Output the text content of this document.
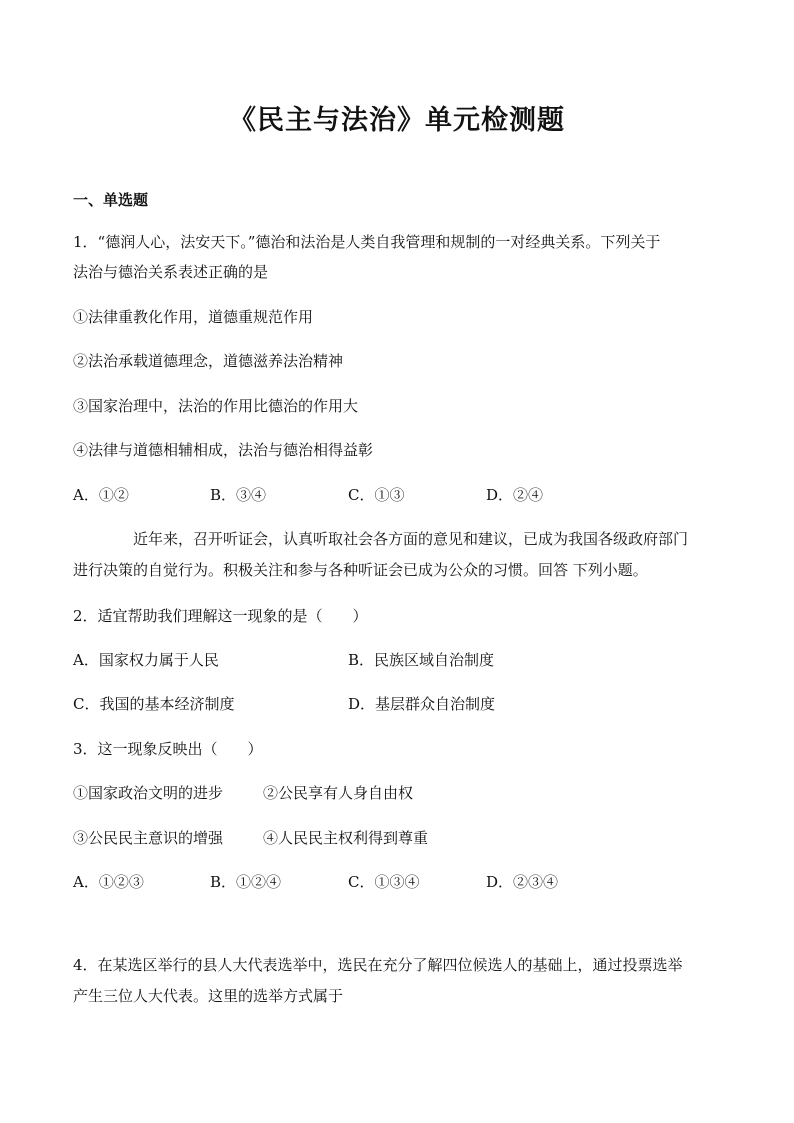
《民主与法治》单元检测题
一、单选题
1．“德润人心，法安天下。”德治和法治是人类自我管理和规制的一对经典关系。下列关于
法治与德治关系表述正确的是
①法律重教化作用，道德重规范作用
②法治承载道德理念，道德滋养法治精神
③国家治理中，法治的作用比德治的作用大
④法律与道德相辅相成，法治与德治相得益彰
A．①②	B．③④	C．①③	D．②④
近年来，召开听证会，认真听取社会各方面的意见和建议，已成为我国各级政府部门
进行决策的自觉行为。积极关注和参与各种听证会已成为公众的习惯。回答 下列小题。
2．适宜帮助我们理解这一现象的是（　　）
A．国家权力属于人民	B．民族区域自治制度
C．我国的基本经济制度	D．基层群众自治制度
3．这一现象反映出（　　）
①国家政治文明的进步	②公民享有人身自由权
③公民民主意识的增强	④人民民主权利得到尊重
A．①②③	B．①②④	C．①③④	D．②③④
4．在某选区举行的县人大代表选举中，选民在充分了解四位候选人的基础上，通过投票选举
产生三位人大代表。这里的选举方式属于
